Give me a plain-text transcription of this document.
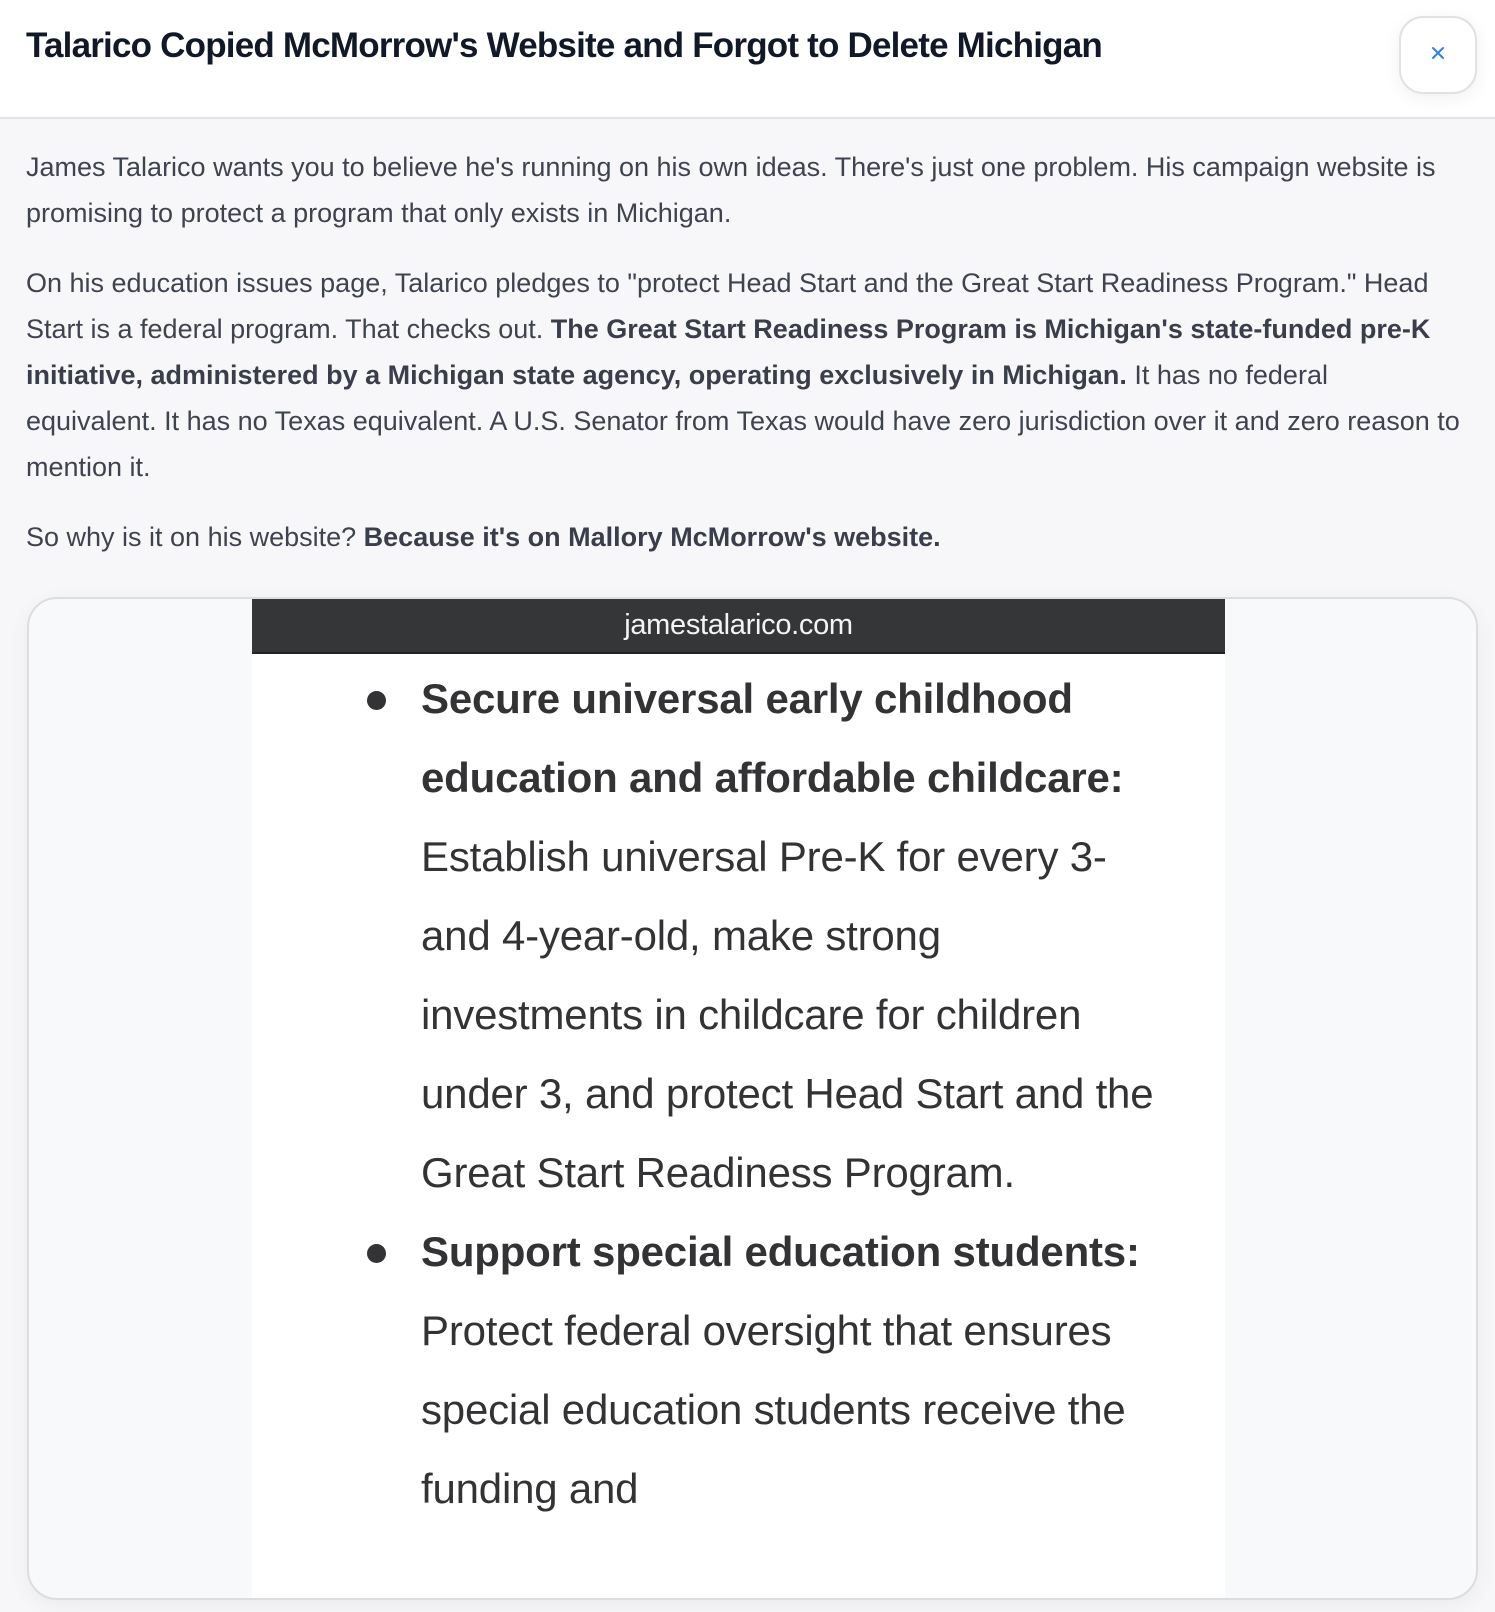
Talarico Copied McMorrow's Website and Forgot to Delete Michigan

James Talarico wants you to believe he's running on his own ideas. There's just one problem. His campaign website is promising to protect a program that only exists in Michigan.

On his education issues page, Talarico pledges to "protect Head Start and the Great Start Readiness Program." Head Start is a federal program. That checks out. The Great Start Readiness Program is Michigan's state-funded pre-K initiative, administered by a Michigan state agency, operating exclusively in Michigan. It has no federal equivalent. It has no Texas equivalent. A U.S. Senator from Texas would have zero jurisdiction over it and zero reason to mention it.

So why is it on his website? Because it's on Mallory McMorrow's website.

jamestalarico.com
Secure universal early childhood education and affordable childcare: Establish universal Pre-K for every 3- and 4-year-old, make strong investments in childcare for children under 3, and protect Head Start and the Great Start Readiness Program.
Support special education students: Protect federal oversight that ensures special education students receive the funding and
